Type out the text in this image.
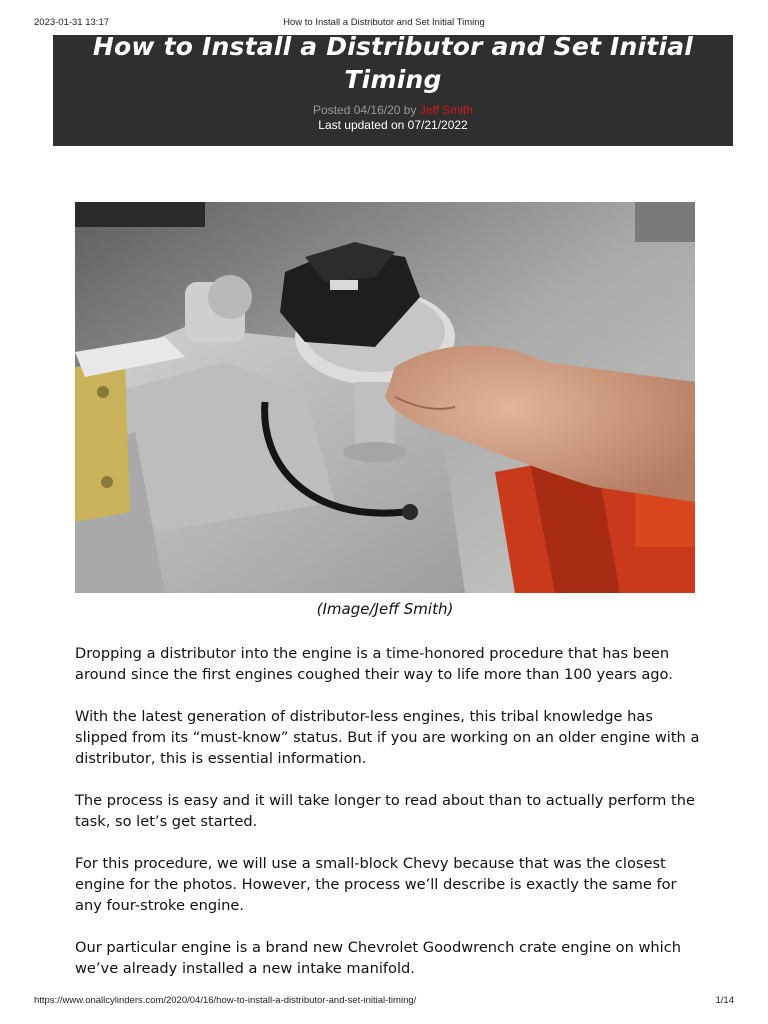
2023-01-31 13:17	How to Install a Distributor and Set Initial Timing
How to Install a Distributor and Set Initial Timing
Posted 04/16/20 by Jeff Smith
Last updated on 07/21/2022
(Image/Jeff Smith)

Dropping a distributor into the engine is a time-honored procedure that has been around since the first engines coughed their way to life more than 100 years ago.

With the latest generation of distributor-less engines, this tribal knowledge has slipped from its “must-know” status. But if you are working on an older engine with a distributor, this is essential information.

The process is easy and it will take longer to read about than to actually perform the task, so let’s get started.

For this procedure, we will use a small-block Chevy because that was the closest engine for the photos. However, the process we’ll describe is exactly the same for any four-stroke engine.

Our particular engine is a brand new Chevrolet Goodwrench crate engine on which we’ve already installed a new intake manifold.

https://www.onallcylinders.com/2020/04/16/how-to-install-a-distributor-and-set-initial-timing/	1/14
